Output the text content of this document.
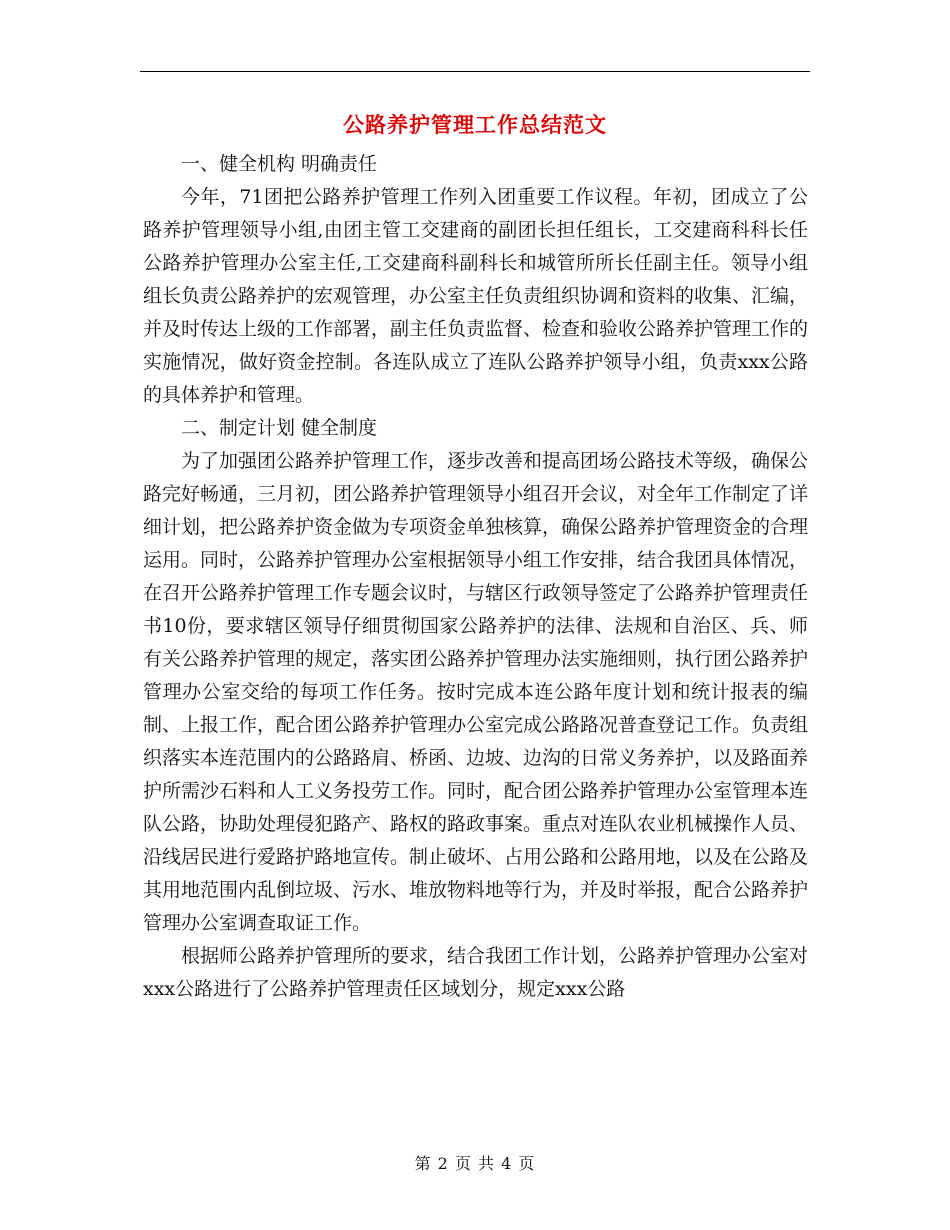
公路养护管理工作总结范文

一、健全机构 明确责任

今年，71团把公路养护管理工作列入团重要工作议程。年初，团成立了公路养护管理领导小组,由团主管工交建商的副团长担任组长，工交建商科科长任公路养护管理办公室主任,工交建商科副科长和城管所所长任副主任。领导小组组长负责公路养护的宏观管理，办公室主任负责组织协调和资料的收集、汇编，并及时传达上级的工作部署，副主任负责监督、检查和验收公路养护管理工作的实施情况，做好资金控制。各连队成立了连队公路养护领导小组，负责xxx公路的具体养护和管理。

二、制定计划 健全制度

为了加强团公路养护管理工作，逐步改善和提高团场公路技术等级，确保公路完好畅通，三月初，团公路养护管理领导小组召开会议，对全年工作制定了详细计划，把公路养护资金做为专项资金单独核算，确保公路养护管理资金的合理运用。同时，公路养护管理办公室根据领导小组工作安排，结合我团具体情况，在召开公路养护管理工作专题会议时，与辖区行政领导签定了公路养护管理责任书10份，要求辖区领导仔细贯彻国家公路养护的法律、法规和自治区、兵、师有关公路养护管理的规定，落实团公路养护管理办法实施细则，执行团公路养护管理办公室交给的每项工作任务。按时完成本连公路年度计划和统计报表的编制、上报工作，配合团公路养护管理办公室完成公路路况普查登记工作。负责组织落实本连范围内的公路路肩、桥函、边坡、边沟的日常义务养护，以及路面养护所需沙石料和人工义务投劳工作。同时，配合团公路养护管理办公室管理本连队公路，协助处理侵犯路产、路权的路政事案。重点对连队农业机械操作人员、沿线居民进行爱路护路地宣传。制止破坏、占用公路和公路用地，以及在公路及其用地范围内乱倒垃圾、污水、堆放物料地等行为，并及时举报，配合公路养护管理办公室调查取证工作。

根据师公路养护管理所的要求，结合我团工作计划，公路养护管理办公室对xxx公路进行了公路养护管理责任区域划分，规定xxx公路

第 2 页 共 4 页
